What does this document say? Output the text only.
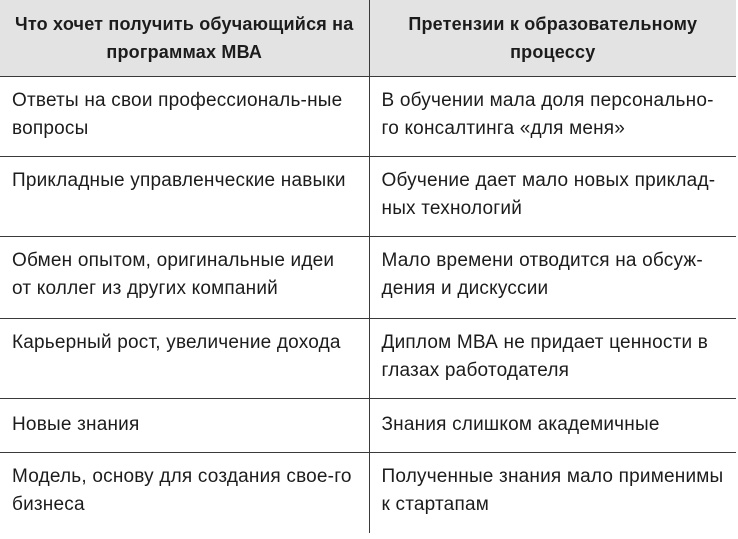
Что хочет получить обучающийся на программах МВА	Претензии к образовательному процессу
Ответы на свои профессиональ-ные вопросы	В обучении мала доля персонально-го консалтинга «для меня»
Прикладные управленческие навыки	Обучение дает мало новых приклад-ных технологий
Обмен опытом, оригинальные идеи от коллег из других компаний	Мало времени отводится на обсуж-дения и дискуссии
Карьерный рост, увеличение дохода	Диплом МВА не придает ценности в глазах работодателя
Новые знания	Знания слишком академичные
Модель, основу для создания свое-го бизнеса	Полученные знания мало применимы к стартапам
